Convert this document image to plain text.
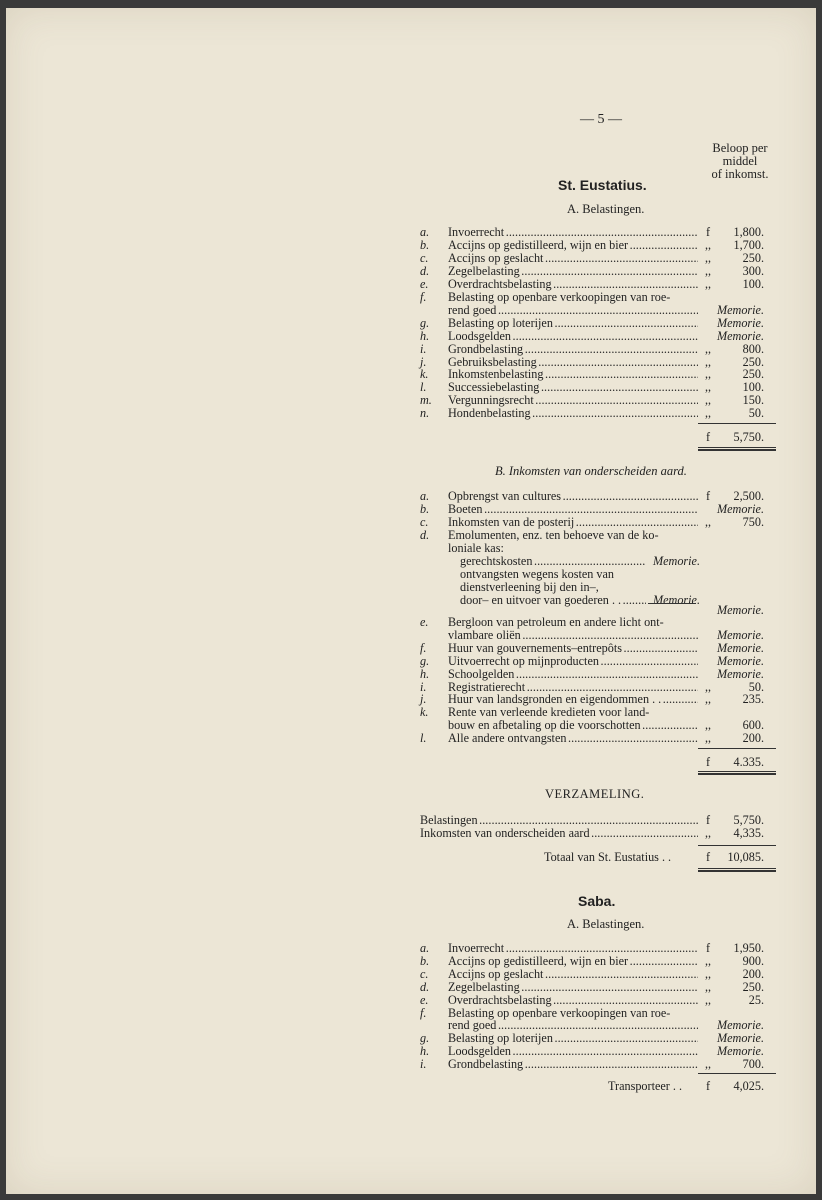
— 5 —
Beloop per
middel
of inkomst.
St. Eustatius.
A. Belastingen.
a. Invoerrecht . . .	f	1,800.
b. Accijns op gedistilleerd, wijn en bier . . .	,,	1,700.
c. Accijns op geslacht . . .	,,	250.
d. Zegelbelasting . . .	,,	300.
e. Overdrachtsbelasting . . .	,,	100.
f. Belasting op openbare verkoopingen van roe-
rend goed . . .	Memorie.
g. Belasting op loterijen . . .	Memorie.
h. Loodsgelden . . .	Memorie.
i. Grondbelasting . . .	,,	800.
j. Gebruiksbelasting . . .	,,	250.
k. Inkomstenbelasting . . .	,,	250.
l. Successiebelasting . . .	,,	100.
m. Vergunningsrecht . . .	,,	150.
n. Hondenbelasting . . .	,,	50.
f	5,750.
B. Inkomsten van onderscheiden aard.
a. Opbrengst van cultures . . .	f	2,500.
b. Boeten . . .	Memorie.
c. Inkomsten van de posterij . . .	,,	750.
d. Emolumenten, enz. ten behoeve van de ko-
loniale kas:
gerechtskosten . . .	Memorie.
ontvangsten wegens kosten van
dienstverleening bij den in–,
door– en uitvoer van goederen . . . . .	Memorie.
Memorie.
e. Bergloon van petroleum en andere licht ont-
vlambare oliën . . .	Memorie.
f. Huur van gouvernements–entrepôts . . .	Memorie.
g. Uitvoerrecht op mijnproducten . . .	Memorie.
h. Schoolgelden . . .	Memorie.
i. Registratierecht . . .	,,	50.
j. Huur van landsgronden en eigendommen . . . . .	,,	235.
k. Rente van verleende kredieten voor land-
bouw en afbetaling op die voorschotten . . .	,,	600.
l. Alle andere ontvangsten . . .	,,	200.
f	4.335.
VERZAMELING.
Belastingen . . .	f	5,750.
Inkomsten van onderscheiden aard . . .	,,	4,335.
Totaal van St. Eustatius . .	f	10,085.
Saba.
A. Belastingen.
a. Invoerrecht . . .	f	1,950.
b. Accijns op gedistilleerd, wijn en bier . . .	,,	900.
c. Accijns op geslacht . . .	,,	200.
d. Zegelbelasting . . .	,,	250.
e. Overdrachtsbelasting . . .	,,	25.
f. Belasting op openbare verkoopingen van roe-
rend goed . . .	Memorie.
g. Belasting op loterijen . . .	Memorie.
h. Loodsgelden . . .	Memorie.
i. Grondbelasting . . .	,,	700.
Transporteer . .	f	4,025.
